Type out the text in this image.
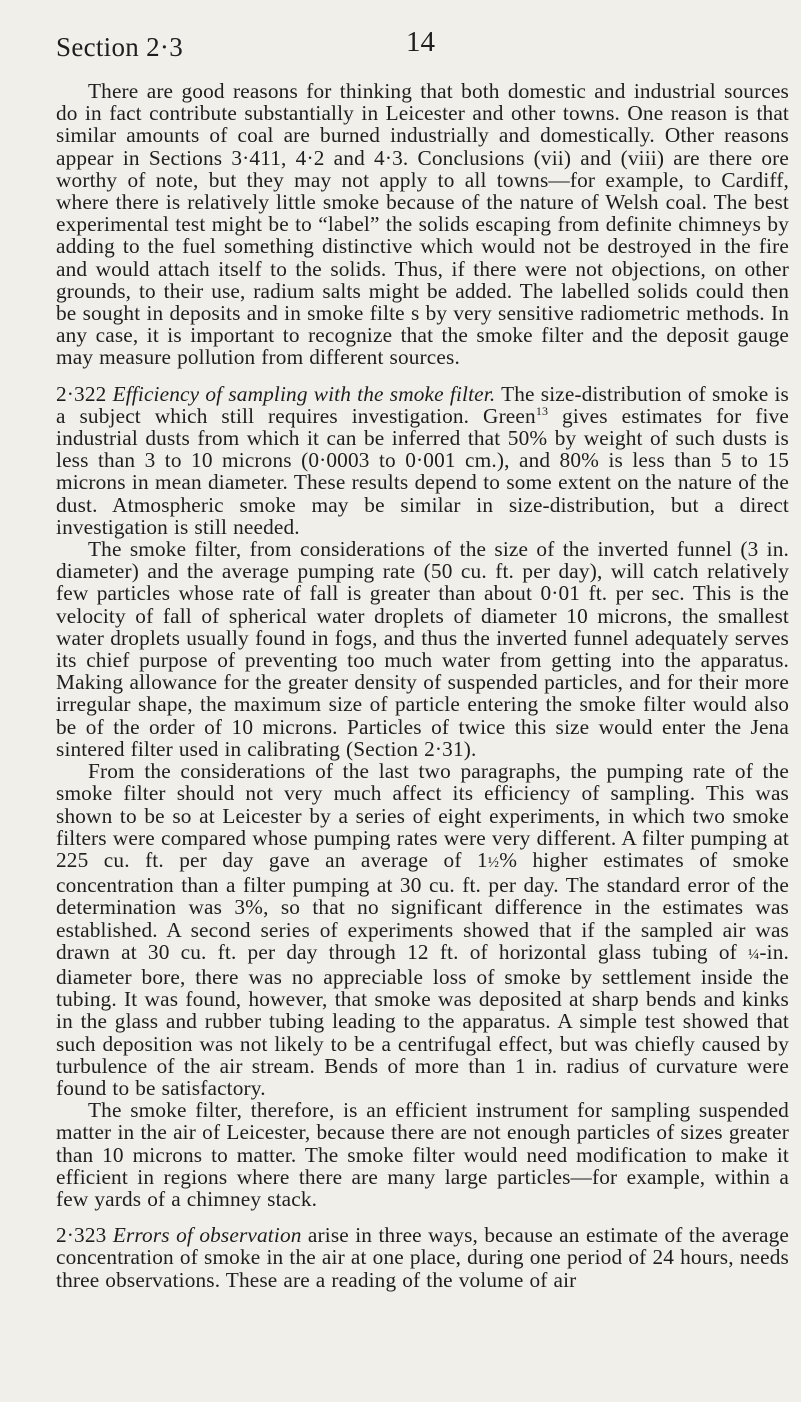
Section 2·3	14

There are good reasons for thinking that both domestic and industrial sources do in fact contribute substantially in Leicester and other towns. One reason is that similar amounts of coal are burned industrially and domestically. Other reasons appear in Sections 3·411, 4·2 and 4·3. Conclusions (vii) and (viii) are there ore worthy of note, but they may not apply to all towns—for example, to Cardiff, where there is relatively little smoke because of the nature of Welsh coal. The best experimental test might be to “label” the solids escaping from definite chimneys by adding to the fuel something distinctive which would not be destroyed in the fire and would attach itself to the solids. Thus, if there were not objections, on other grounds, to their use, radium salts might be added. The labelled solids could then be sought in deposits and in smoke filte s by very sensitive radiometric methods. In any case, it is important to recognize that the smoke filter and the deposit gauge may measure pollution from different sources.

2·322 Efficiency of sampling with the smoke filter. The size-distribution of smoke is a subject which still requires investigation. Green$^{13}$ gives estimates for five industrial dusts from which it can be inferred that 50% by weight of such dusts is less than 3 to 10 microns (0·0003 to 0·001 cm.), and 80% is less than 5 to 15 microns in mean diameter. These results depend to some extent on the nature of the dust. Atmospheric smoke may be similar in size-distribution, but a direct investigation is still needed.

The smoke filter, from considerations of the size of the inverted funnel (3 in. diameter) and the average pumping rate (50 cu. ft. per day), will catch relatively few particles whose rate of fall is greater than about 0·01 ft. per sec. This is the velocity of fall of spherical water droplets of diameter 10 microns, the smallest water droplets usually found in fogs, and thus the inverted funnel adequately serves its chief purpose of preventing too much water from getting into the apparatus. Making allowance for the greater density of suspended particles, and for their more irregular shape, the maximum size of particle entering the smoke filter would also be of the order of 10 microns. Particles of twice this size would enter the Jena sintered filter used in calibrating (Section 2·31).

From the considerations of the last two paragraphs, the pumping rate of the smoke filter should not very much affect its efficiency of sampling. This was shown to be so at Leicester by a series of eight experiments, in which two smoke filters were compared whose pumping rates were very different. A filter pumping at 225 cu. ft. per day gave an average of 1½% higher estimates of smoke concentration than a filter pumping at 30 cu. ft. per day. The standard error of the determination was 3%, so that no significant difference in the estimates was established. A second series of experiments showed that if the sampled air was drawn at 30 cu. ft. per day through 12 ft. of horizontal glass tubing of ¼-in. diameter bore, there was no appreciable loss of smoke by settlement inside the tubing. It was found, however, that smoke was deposited at sharp bends and kinks in the glass and rubber tubing leading to the apparatus. A simple test showed that such deposition was not likely to be a centrifugal effect, but was chiefly caused by turbulence of the air stream. Bends of more than 1 in. radius of curvature were found to be satisfactory.

The smoke filter, therefore, is an efficient instrument for sampling suspended matter in the air of Leicester, because there are not enough particles of sizes greater than 10 microns to matter. The smoke filter would need modification to make it efficient in regions where there are many large particles—for example, within a few yards of a chimney stack.

2·323 Errors of observation arise in three ways, because an estimate of the average concentration of smoke in the air at one place, during one period of 24 hours, needs three observations. These are a reading of the volume of air
